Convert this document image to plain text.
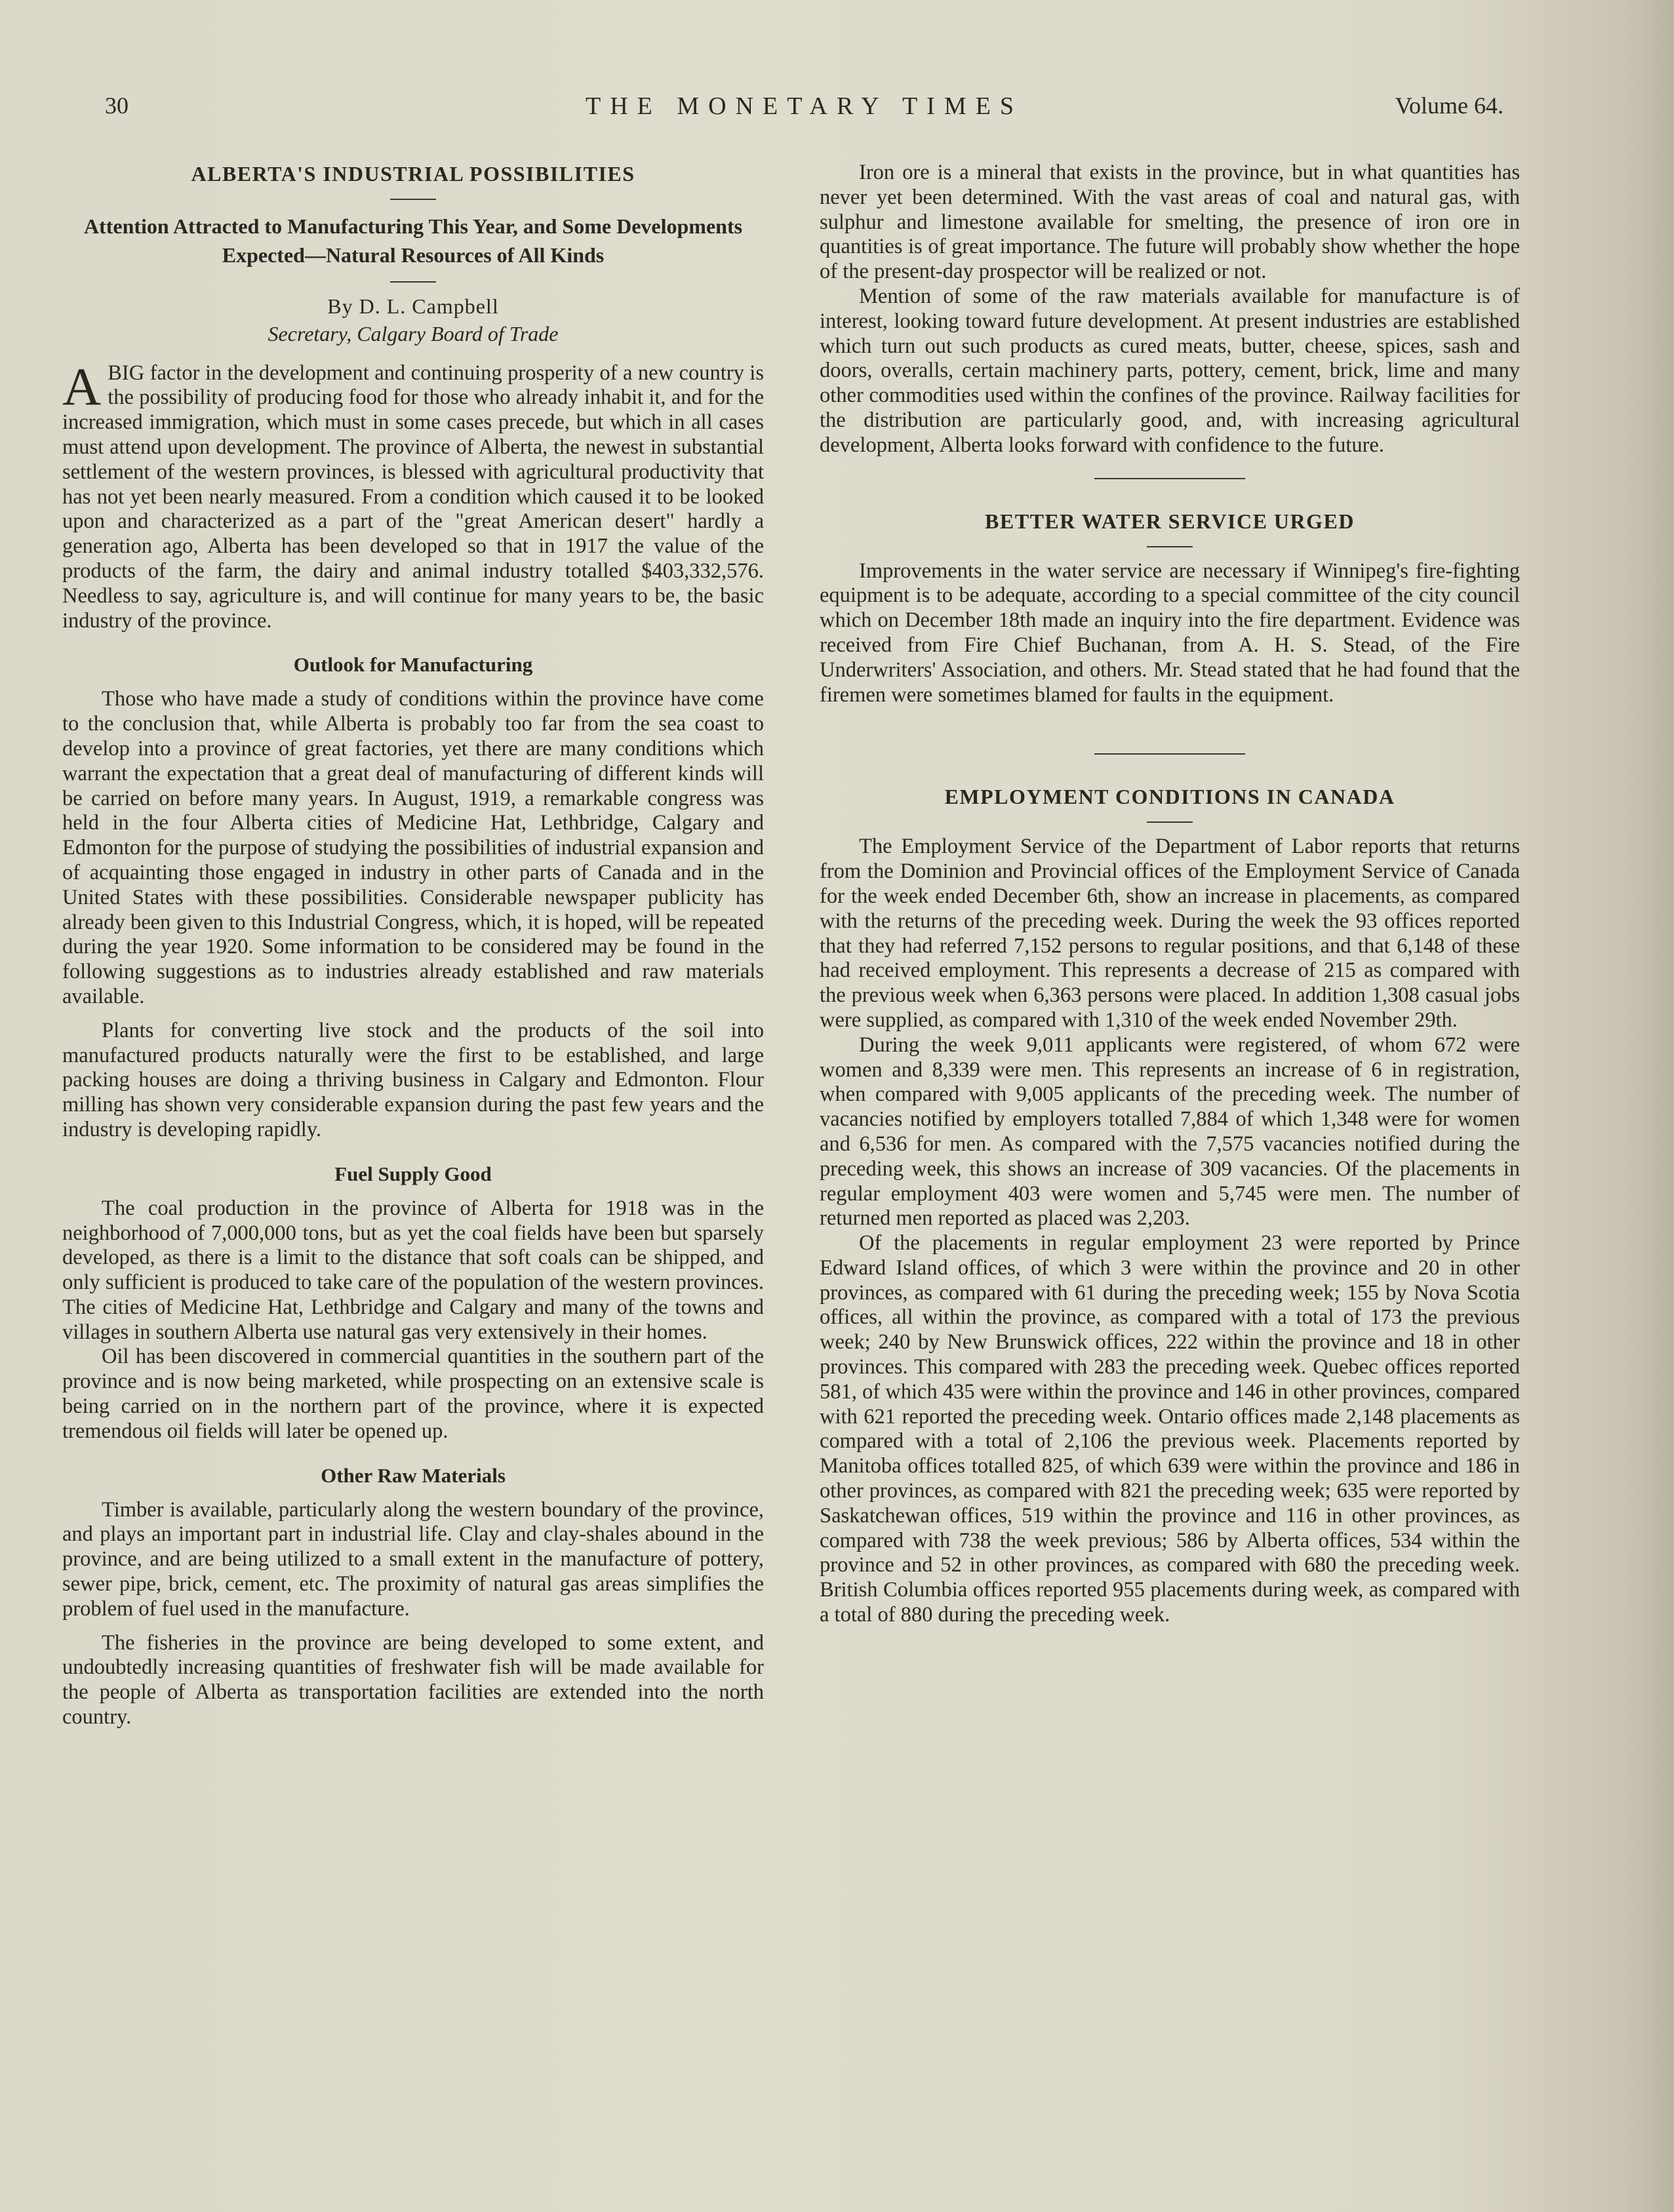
30	THE MONETARY TIMES	Volume 64.
ALBERTA'S INDUSTRIAL POSSIBILITIES

Attention Attracted to Manufacturing This Year, and Some Developments Expected—Natural Resources of All Kinds

By D. L. Campbell

Secretary, Calgary Board of Trade

ABIG factor in the development and continuing prosperity of a new country is the possibility of producing food for those who already inhabit it, and for the increased immigration, which must in some cases precede, but which in all cases must attend upon development. The province of Alberta, the newest in substantial settlement of the western provinces, is blessed with agricultural productivity that has not yet been nearly measured. From a condition which caused it to be looked upon and characterized as a part of the "great American desert" hardly a generation ago, Alberta has been developed so that in 1917 the value of the products of the farm, the dairy and animal industry totalled $403,332,576. Needless to say, agriculture is, and will continue for many years to be, the basic industry of the province.

Outlook for Manufacturing

Those who have made a study of conditions within the province have come to the conclusion that, while Alberta is probably too far from the sea coast to develop into a province of great factories, yet there are many conditions which warrant the expectation that a great deal of manufacturing of different kinds will be carried on before many years. In August, 1919, a remarkable congress was held in the four Alberta cities of Medicine Hat, Lethbridge, Calgary and Edmonton for the purpose of studying the possibilities of industrial expansion and of acquainting those engaged in industry in other parts of Canada and in the United States with these possibilities. Considerable newspaper publicity has already been given to this Industrial Congress, which, it is hoped, will be repeated during the year 1920. Some information to be considered may be found in the following suggestions as to industries already established and raw materials available.

Plants for converting live stock and the products of the soil into manufactured products naturally were the first to be established, and large packing houses are doing a thriving business in Calgary and Edmonton. Flour milling has shown very considerable expansion during the past few years and the industry is developing rapidly.

Fuel Supply Good

The coal production in the province of Alberta for 1918 was in the neighborhood of 7,000,000 tons, but as yet the coal fields have been but sparsely developed, as there is a limit to the distance that soft coals can be shipped, and only sufficient is produced to take care of the population of the western provinces. The cities of Medicine Hat, Lethbridge and Calgary and many of the towns and villages in southern Alberta use natural gas very extensively in their homes.

Oil has been discovered in commercial quantities in the southern part of the province and is now being marketed, while prospecting on an extensive scale is being carried on in the northern part of the province, where it is expected tremendous oil fields will later be opened up.

Other Raw Materials

Timber is available, particularly along the western boundary of the province, and plays an important part in industrial life. Clay and clay-shales abound in the province, and are being utilized to a small extent in the manufacture of pottery, sewer pipe, brick, cement, etc. The proximity of natural gas areas simplifies the problem of fuel used in the manufacture.

The fisheries in the province are being developed to some extent, and undoubtedly increasing quantities of freshwater fish will be made available for the people of Alberta as transportation facilities are extended into the north country.

Iron ore is a mineral that exists in the province, but in what quantities has never yet been determined. With the vast areas of coal and natural gas, with sulphur and limestone available for smelting, the presence of iron ore in quantities is of great importance. The future will probably show whether the hope of the present-day prospector will be realized or not.

Mention of some of the raw materials available for manufacture is of interest, looking toward future development. At present industries are established which turn out such products as cured meats, butter, cheese, spices, sash and doors, overalls, certain machinery parts, pottery, cement, brick, lime and many other commodities used within the confines of the province. Railway facilities for the distribution are particularly good, and, with increasing agricultural development, Alberta looks forward with confidence to the future.

BETTER WATER SERVICE URGED

Improvements in the water service are necessary if Winnipeg's fire-fighting equipment is to be adequate, according to a special committee of the city council which on December 18th made an inquiry into the fire department. Evidence was received from Fire Chief Buchanan, from A. H. S. Stead, of the Fire Underwriters' Association, and others. Mr. Stead stated that he had found that the firemen were sometimes blamed for faults in the equipment.

EMPLOYMENT CONDITIONS IN CANADA

The Employment Service of the Department of Labor reports that returns from the Dominion and Provincial offices of the Employment Service of Canada for the week ended December 6th, show an increase in placements, as compared with the returns of the preceding week. During the week the 93 offices reported that they had referred 7,152 persons to regular positions, and that 6,148 of these had received employment. This represents a decrease of 215 as compared with the previous week when 6,363 persons were placed. In addition 1,308 casual jobs were supplied, as compared with 1,310 of the week ended November 29th.

During the week 9,011 applicants were registered, of whom 672 were women and 8,339 were men. This represents an increase of 6 in registration, when compared with 9,005 applicants of the preceding week. The number of vacancies notified by employers totalled 7,884 of which 1,348 were for women and 6,536 for men. As compared with the 7,575 vacancies notified during the preceding week, this shows an increase of 309 vacancies. Of the placements in regular employment 403 were women and 5,745 were men. The number of returned men reported as placed was 2,203.

Of the placements in regular employment 23 were reported by Prince Edward Island offices, of which 3 were within the province and 20 in other provinces, as compared with 61 during the preceding week; 155 by Nova Scotia offices, all within the province, as compared with a total of 173 the previous week; 240 by New Brunswick offices, 222 within the province and 18 in other provinces. This compared with 283 the preceding week. Quebec offices reported 581, of which 435 were within the province and 146 in other provinces, compared with 621 reported the preceding week. Ontario offices made 2,148 placements as compared with a total of 2,106 the previous week. Placements reported by Manitoba offices totalled 825, of which 639 were within the province and 186 in other provinces, as compared with 821 the preceding week; 635 were reported by Saskatchewan offices, 519 within the province and 116 in other provinces, as compared with 738 the week previous; 586 by Alberta offices, 534 within the province and 52 in other provinces, as compared with 680 the preceding week. British Columbia offices reported 955 placements during week, as compared with a total of 880 during the preceding week.
